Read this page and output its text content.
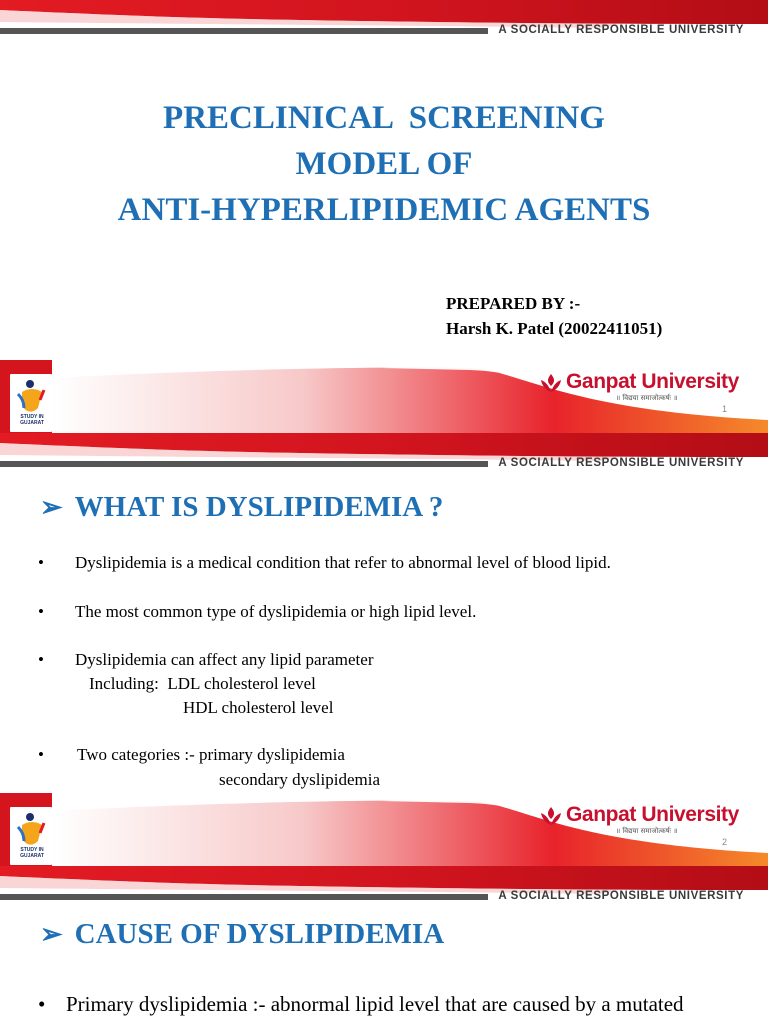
A SOCIALLY RESPONSIBLE UNIVERSITY
PRECLINICAL  SCREENING
MODEL OF
ANTI-HYPERLIPIDEMIC AGENTS
PREPARED BY :-
Harsh K. Patel (20022411051)
STUDY IN
GUJARAT
Ganpat University
॥ विद्यया समाजोत्कर्षः ॥
1
A SOCIALLY RESPONSIBLE UNIVERSITY
➢ WHAT IS DYSLIPIDEMIA ?
• Dyslipidemia is a medical condition that refer to abnormal level of blood lipid.
• The most common type of dyslipidemia or high lipid level.
• Dyslipidemia can affect any lipid parameter
Including:  LDL cholesterol level
HDL cholesterol level
• Two categories :- primary dyslipidemia
secondary dyslipidemia
STUDY IN
GUJARAT
Ganpat University
॥ विद्यया समाजोत्कर्षः ॥
2
A SOCIALLY RESPONSIBLE UNIVERSITY
➢ CAUSE OF DYSLIPIDEMIA
• Primary dyslipidemia :- abnormal lipid level that are caused by a mutated
